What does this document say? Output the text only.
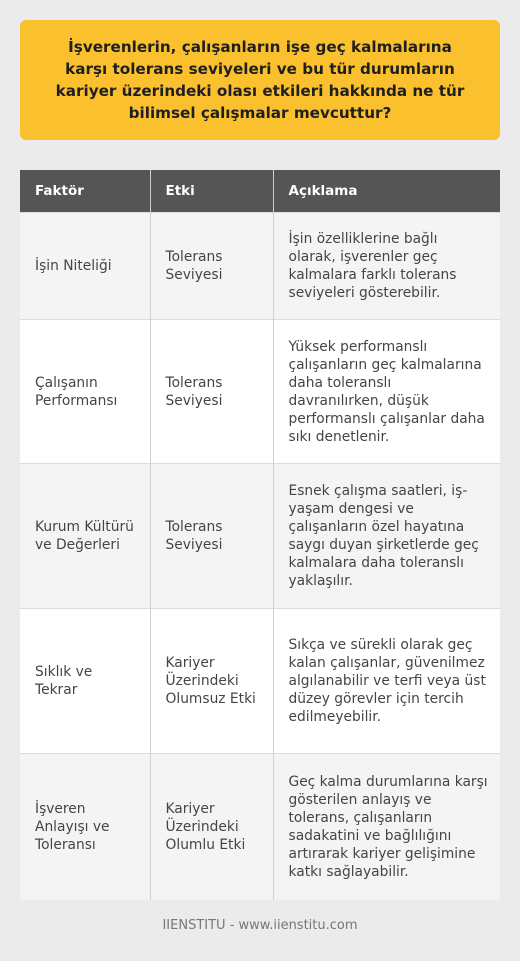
İşverenlerin, çalışanların işe geç kalmalarına karşı tolerans seviyeleri ve bu tür durumların kariyer üzerindeki olası etkileri hakkında ne tür bilimsel çalışmalar mevcuttur?
Faktör	Etki	Açıklama
İşin Niteliği	Tolerans Seviyesi	İşin özelliklerine bağlı olarak, işverenler geç kalmalara farklı tolerans seviyeleri gösterebilir.
Çalışanın Performansı	Tolerans Seviyesi	Yüksek performanslı çalışanların geç kalmalarına daha toleranslı davranılırken, düşük performanslı çalışanlar daha sıkı denetlenir.
Kurum Kültürü ve Değerleri	Tolerans Seviyesi	Esnek çalışma saatleri, iş-yaşam dengesi ve çalışanların özel hayatına saygı duyan şirketlerde geç kalmalara daha toleranslı yaklaşılır.
Sıklık ve Tekrar	Kariyer Üzerindeki Olumsuz Etki	Sıkça ve sürekli olarak geç kalan çalışanlar, güvenilmez algılanabilir ve terfi veya üst düzey görevler için tercih edilmeyebilir.
İşveren Anlayışı ve Toleransı	Kariyer Üzerindeki Olumlu Etki	Geç kalma durumlarına karşı gösterilen anlayış ve tolerans, çalışanların sadakatini ve bağlılığını artırarak kariyer gelişimine katkı sağlayabilir.
IIENSTITU - www.iienstitu.com
